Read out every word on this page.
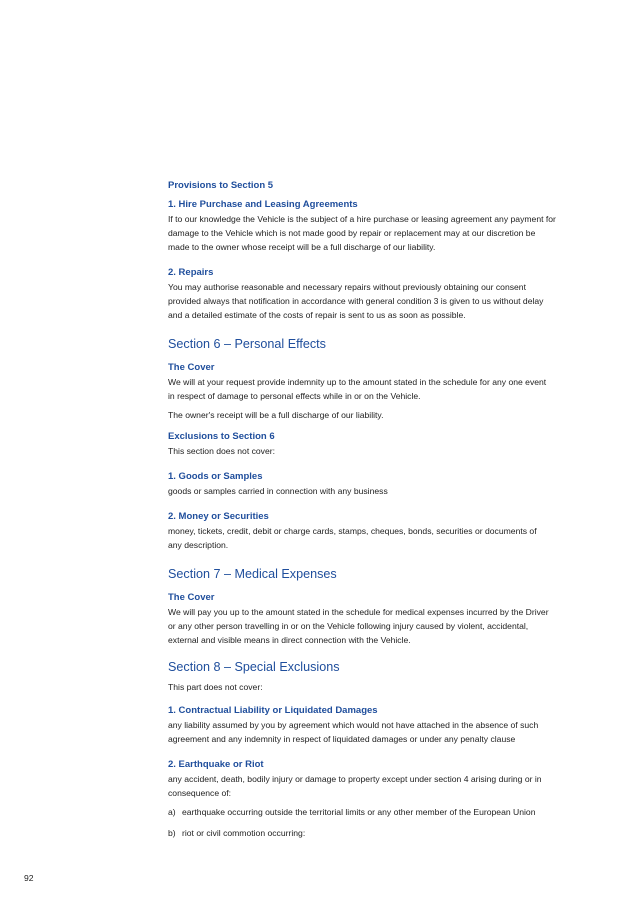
Provisions to Section 5

1. Hire Purchase and Leasing Agreements

If to our knowledge the Vehicle is the subject of a hire purchase or leasing agreement any payment for

damage to the Vehicle which is not made good by repair or replacement may at our discretion be

made to the owner whose receipt will be a full discharge of our liability.

2. Repairs

You may authorise reasonable and necessary repairs without previously obtaining our consent

provided always that notification in accordance with general condition 3 is given to us without delay

and a detailed estimate of the costs of repair is sent to us as soon as possible.

Section 6 – Personal Effects

The Cover

We will at your request provide indemnity up to the amount stated in the schedule for any one event

in respect of damage to personal effects while in or on the Vehicle.

The owner's receipt will be a full discharge of our liability.

Exclusions to Section 6

This section does not cover:

1. Goods or Samples

goods or samples carried in connection with any business

2. Money or Securities

money, tickets, credit, debit or charge cards, stamps, cheques, bonds, securities or documents of

any description.

Section 7 – Medical Expenses

The Cover

We will pay you up to the amount stated in the schedule for medical expenses incurred by the Driver

or any other person travelling in or on the Vehicle following injury caused by violent, accidental,

external and visible means in direct connection with the Vehicle.

Section 8 – Special Exclusions

This part does not cover:

1. Contractual Liability or Liquidated Damages

any liability assumed by you by agreement which would not have attached in the absence of such

agreement and any indemnity in respect of liquidated damages or under any penalty clause

2. Earthquake or Riot

any accident, death, bodily injury or damage to property except under section 4 arising during or in

consequence of:

a) earthquake occurring outside the territorial limits or any other member of the European Union

b) riot or civil commotion occurring:

92
